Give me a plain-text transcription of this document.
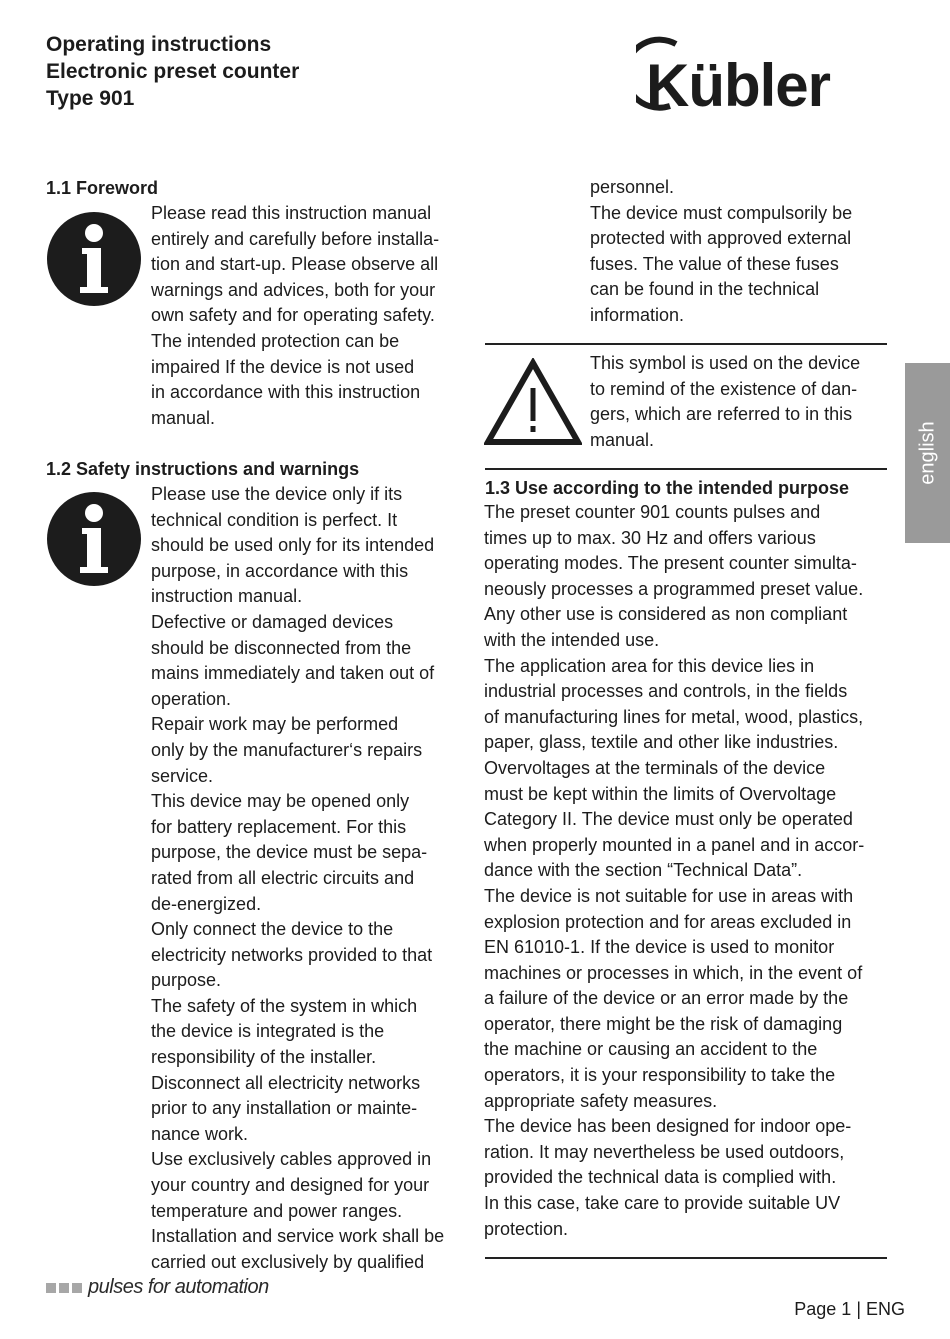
Operating instructions
Electronic preset counter
Type 901	Kübler
english
1.1 Foreword
Please read this instruction manual
entirely and carefully before installa-
tion and start-up. Please observe all
warnings and advices, both for your
own safety and for operating safety.
The intended protection can be
impaired If the device is not used
in accordance with this instruction
manual.
1.2 Safety instructions and warnings
Please use the device only if its
technical condition is perfect. It
should be used only for its intended
purpose, in accordance with this
instruction manual.
Defective or damaged devices
should be disconnected from the
mains immediately and taken out of
operation.
Repair work may be performed
only by the manufacturer‘s repairs
service.
This device may be opened only
for battery replacement. For this
purpose, the device must be sepa-
rated from all electric circuits and
de-energized.
Only connect the device to the
electricity networks provided to that
purpose.
The safety of the system in which
the device is integrated is the
responsibility of the installer.
Disconnect all electricity networks
prior to any installation or mainte-
nance work.
Use exclusively cables approved in
your country and designed for your
temperature and power ranges.
Installation and service work shall be
carried out exclusively by qualified
personnel.
The device must compulsorily be
protected with approved external
fuses. The value of these fuses
can be found in the technical
information.
This symbol is used on the device
to remind of the existence of dan-
gers, which are referred to in this
manual.
1.3 Use according to the intended purpose
The preset counter 901 counts pulses and
times up to max. 30 Hz and offers various
operating modes. The present counter simulta-
neously processes a programmed preset value.
Any other use is considered as non compliant
with the intended use.
The application area for this device lies in
industrial processes and controls, in the fields
of manufacturing lines for metal, wood, plastics,
paper, glass, textile and other like industries.
Overvoltages at the terminals of the device
must be kept within the limits of Overvoltage
Category II. The device must only be operated
when properly mounted in a panel and in accor-
dance with the section “Technical Data”.
The device is not suitable for use in areas with
explosion protection and for areas excluded in
EN 61010-1. If the device is used to monitor
machines or processes in which, in the event of
a failure of the device or an error made by the
operator, there might be the risk of damaging
the machine or causing an accident to the
operators, it is your responsibility to take the
appropriate safety measures.
The device has been designed for indoor ope-
ration. It may nevertheless be used outdoors,
provided the technical data is complied with.
In this case, take care to provide suitable UV
protection.
pulses for automation
Page 1 | ENG
